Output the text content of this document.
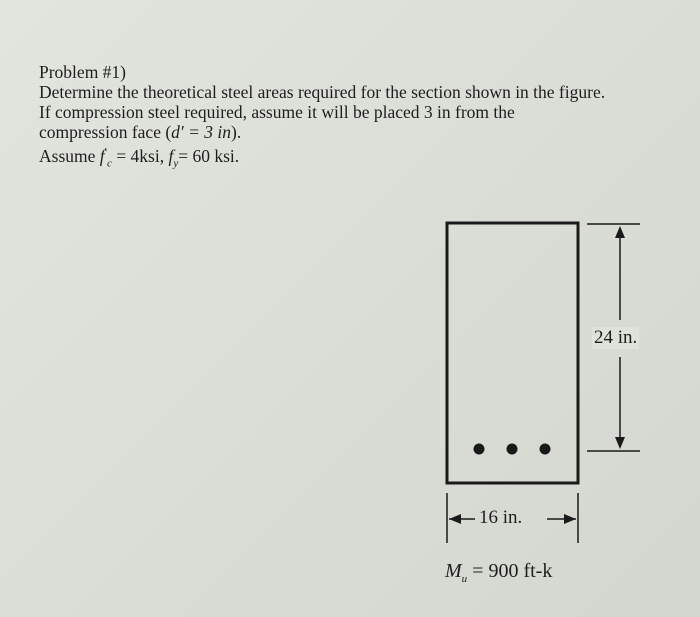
Problem #1)
Determine the theoretical steel areas required for the section shown in the figure.
If compression steel required, assume it will be placed 3 in from the
compression face (d′ = 3 in).
Assume $f'_c = 4ksi$, $f_y= 60$ ksi.
24 in.
16 in.
$M_u = 900$ ft-k
